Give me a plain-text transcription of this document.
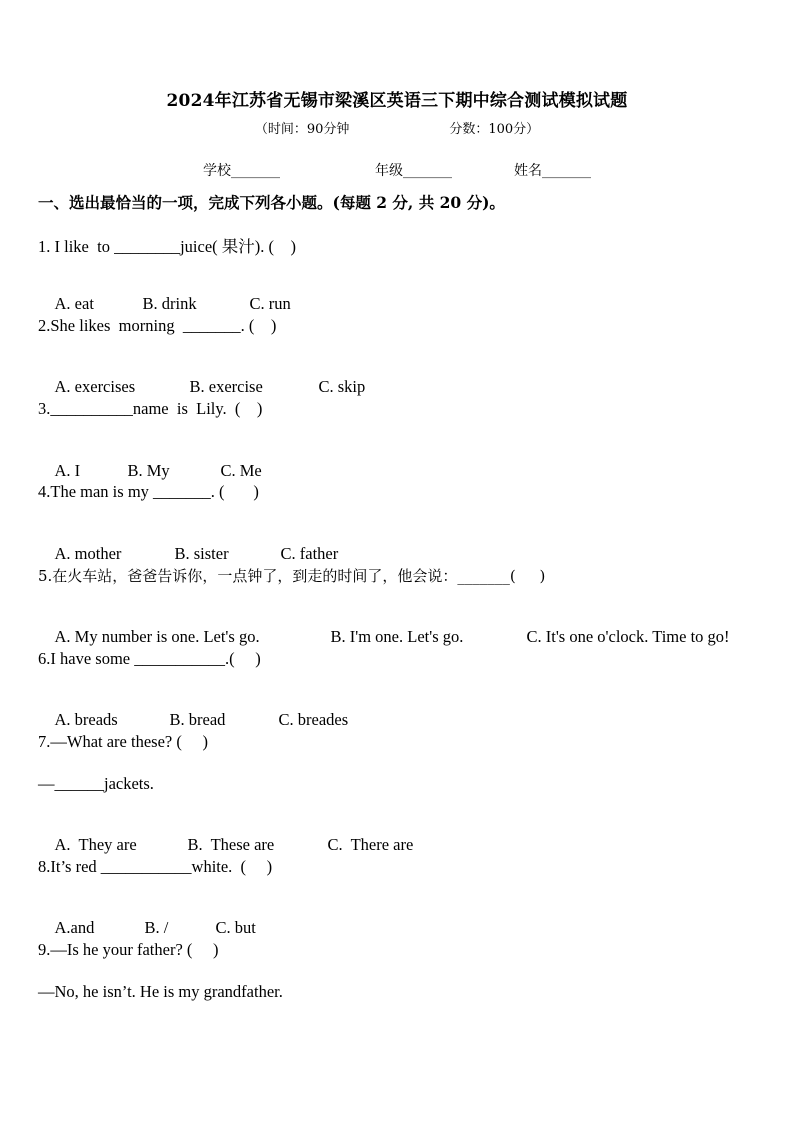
2024年江苏省无锡市梁溪区英语三下期中综合测试模拟试题
（时间：90分钟	分数：100分）
学校_______	年级_______	姓名_______
一、选出最恰当的一项，完成下列各小题。(每题 2 分, 共 20 分)。
1. I like  to ________juice( 果汁). (    )

A. eat	B. drink	C. run

2.She likes  morning  _______. (    )

A. exercises	B. exercise	C. skip

3.__________name  is  Lily.  (    )

A. I	B. My	C. Me

4.The man is my _______. (       )

A. mother	B. sister	C. father

5.在火车站，爸爸告诉你，一点钟了，到走的时间了，他会说：_______(     )

A. My number is one. Let's go.	B. I'm one. Let's go.	C. It's one o'clock. Time to go!

6.I have some ___________.(     )

A. breads	B. bread	C. breades

7.—What are these? (     )
—______jackets.

A.  They are	B.  These are	C.  There are

8.It’s red ___________white.  (     )

A.and	B. /	C. but

9.—Is he your father? (     )
—No, he isn’t. He is my grandfather.
